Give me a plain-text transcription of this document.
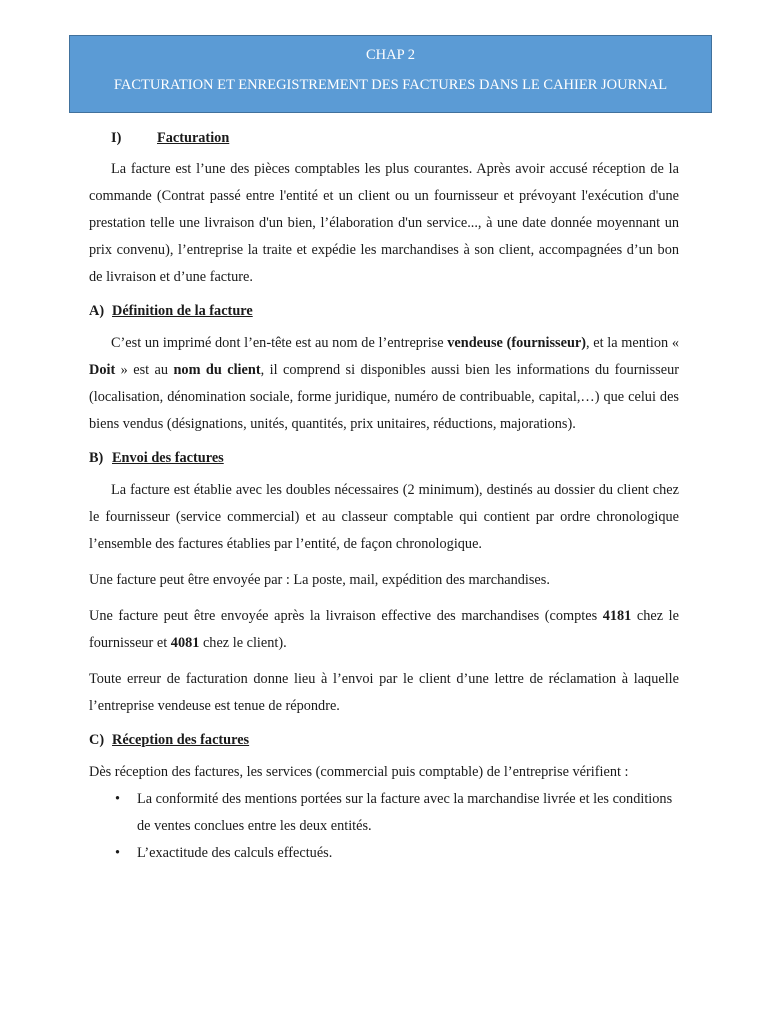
CHAP 2
FACTURATION ET ENREGISTREMENT DES FACTURES DANS LE CAHIER JOURNAL
I)	Facturation

La facture est l’une des pièces comptables les plus courantes. Après avoir accusé réception de la commande (Contrat passé entre l'entité et un client ou un fournisseur et prévoyant l'exécution d'une prestation telle une livraison d'un bien, l’élaboration d'un service..., à une date donnée moyennant un prix convenu), l’entreprise la traite et expédie les marchandises à son client, accompagnées d’un bon de livraison et d’une facture.

A) Définition de la facture

C’est un imprimé dont l’en-tête est au nom de l’entreprise vendeuse (fournisseur), et la mention « Doit » est au nom du client, il comprend si disponibles aussi bien les informations du fournisseur (localisation, dénomination sociale, forme juridique, numéro de contribuable, capital,…) que celui des biens vendus (désignations, unités, quantités, prix unitaires, réductions, majorations).

B) Envoi des factures

La facture est établie avec les doubles nécessaires (2 minimum), destinés au dossier du client chez le fournisseur (service commercial) et au classeur comptable qui contient par ordre chronologique l’ensemble des factures établies par l’entité, de façon chronologique.

Une facture peut être envoyée par : La poste, mail, expédition des marchandises.

Une facture peut être envoyée après la livraison effective des marchandises (comptes 4181 chez le fournisseur et 4081 chez le client).

Toute erreur de facturation donne lieu à l’envoi par le client d’une lettre de réclamation à laquelle l’entreprise vendeuse est tenue de répondre.

C) Réception des factures

Dès réception des factures, les services (commercial puis comptable) de l’entreprise vérifient :

• La conformité des mentions portées sur la facture avec la marchandise livrée et les conditions de ventes conclues entre les deux entités.
• L’exactitude des calculs effectués.
